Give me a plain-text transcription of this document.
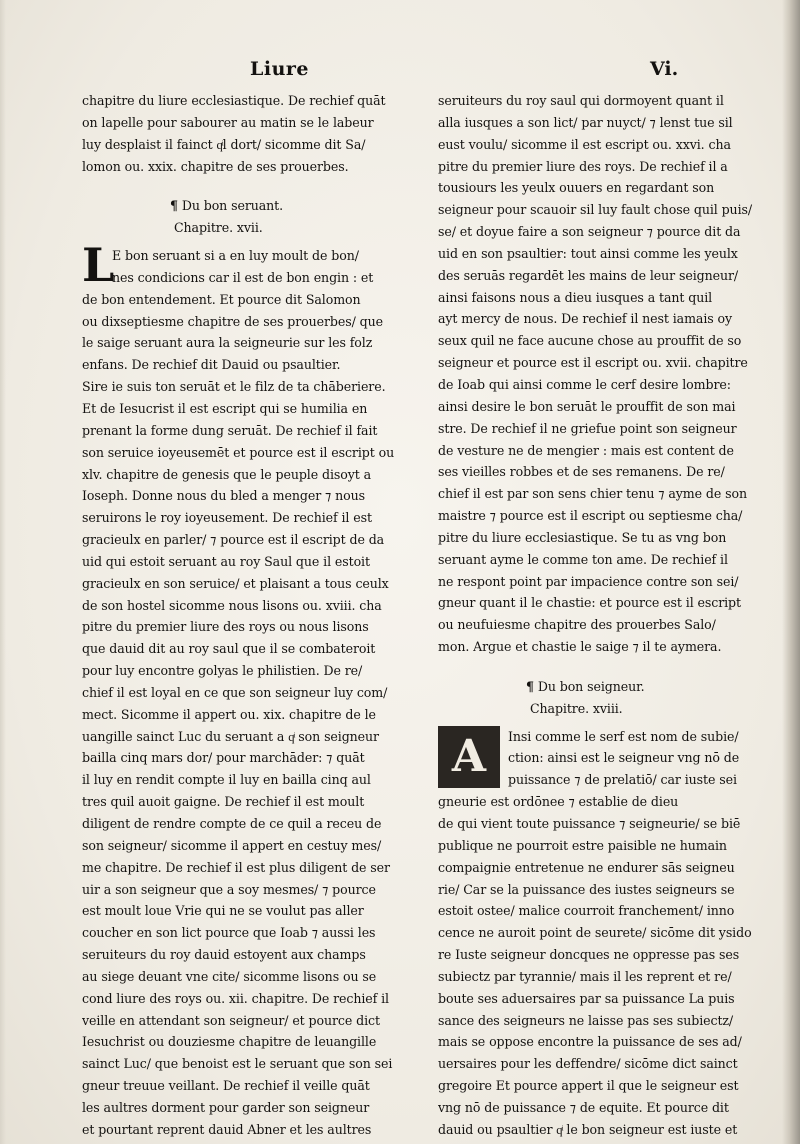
Liure	Vi.
chapitre du liure ecclesiastique. De rechief quāt
on lapelle pour sabourer au matin se le labeur
luy desplaist il fainct qͥl dort/ sicomme dit Sa/
lomon ou. xxix. chapitre de ses prouerbes.
¶ Du bon seruant.
Chapitre. xvii.
L
E bon seruant si a en luy moult de bon/
nes condicions car il est de bon engin : et
de bon entendement. Et pource dit Salomon
ou dixseptiesme chapitre de ses prouerbes/ que
le saige seruant aura la seigneurie sur les folz
enfans. De rechief dit Dauid ou psaultier.
Sire ie suis ton seruāt et le filz de ta chāberiere.
Et de Iesucrist il est escript qui se humilia en
prenant la forme dung seruāt. De rechief il fait
son seruice ioyeusemēt et pource est il escript ou
xlv. chapitre de genesis que le peuple disoyt a
Ioseph. Donne nous du bled a menger ⁊ nous
seruirons le roy ioyeusement. De rechief il est
gracieulx en parler/ ⁊ pource est il escript de da
uid qui estoit seruant au roy Saul que il estoit
gracieulx en son seruice/ et plaisant a tous ceulx
de son hostel sicomme nous lisons ou. xviii. cha
pitre du premier liure des roys ou nous lisons
que dauid dit au roy saul que il se combateroit
pour luy encontre golyas le philistien. De re/
chief il est loyal en ce que son seigneur luy com/
mect. Sicomme il appert ou. xix. chapitre de le
uangille sainct Luc du seruant a qͥ son seigneur
bailla cinq mars dor/ pour marchāder: ⁊ quāt
il luy en rendit compte il luy en bailla cinq aul
tres quil auoit gaigne. De rechief il est moult
diligent de rendre compte de ce quil a receu de
son seigneur/ sicomme il appert en cestuy mes/
me chapitre. De rechief il est plus diligent de ser
uir a son seigneur que a soy mesmes/ ⁊ pource
est moult loue Vrie qui ne se voulut pas aller
coucher en son lict pource que Ioab ⁊ aussi les
seruiteurs du roy dauid estoyent aux champs
au siege deuant vne cite/ sicomme lisons ou se
cond liure des roys ou. xii. chapitre. De rechief il
veille en attendant son seigneur/ et pource dict
Iesuchrist ou douziesme chapitre de leuangille
sainct Luc/ que benoist est le seruant que son sei
gneur treuue veillant. De rechief il veille quāt
les aultres dorment pour garder son seigneur
et pourtant reprent dauid Abner et les aultres
seruiteurs du roy saul qui dormoyent quant il
alla iusques a son lict/ par nuyct/ ⁊ lenst tue sil
eust voulu/ sicomme il est escript ou. xxvi. cha
pitre du premier liure des roys. De rechief il a
tousiours les yeulx ouuers en regardant son
seigneur pour scauoir sil luy fault chose quil puis/
se/ et doyue faire a son seigneur ⁊ pource dit da
uid en son psaultier: tout ainsi comme les yeulx
des seruās regardēt les mains de leur seigneur/
ainsi faisons nous a dieu iusques a tant quil
ayt mercy de nous. De rechief il nest iamais oy
seux quil ne face aucune chose au prouffit de so
seigneur et pource est il escript ou. xvii. chapitre
de Ioab qui ainsi comme le cerf desire lombre:
ainsi desire le bon seruāt le prouffit de son mai
stre. De rechief il ne griefue point son seigneur
de vesture ne de mengier : mais est content de
ses vieilles robbes et de ses remanens. De re/
chief il est par son sens chier tenu ⁊ ayme de son
maistre ⁊ pource est il escript ou septiesme cha/
pitre du liure ecclesiastique. Se tu as vng bon
seruant ayme le comme ton ame. De rechief il
ne respont point par impacience contre son sei/
gneur quant il le chastie: et pource est il escript
ou neufuiesme chapitre des prouerbes Salo/
mon. Argue et chastie le saige ⁊ il te aymera.
¶ Du bon seigneur.
Chapitre. xviii.
A	Insi comme le serf est nom de subie/
ction: ainsi est le seigneur vng nō de
puissance ⁊ de prelatiō/ car iuste sei
gneurie est ordōnee ⁊ establie de dieu
de qui vient toute puissance ⁊ seigneurie/ se biē
publique ne pourroit estre paisible ne humain
compaignie entretenue ne endurer sās seigneu
rie/ Car se la puissance des iustes seigneurs se
estoit ostee/ malice courroit franchement/ inno
cence ne auroit point de seurete/ sicōme dit ysido
re Iuste seigneur doncques ne oppresse pas ses
subiectz par tyrannie/ mais il les reprent et re/
boute ses aduersaires par sa puissance La puis
sance des seigneurs ne laisse pas ses subiectz/
mais se oppose encontre la puissance de ses ad/
uersaires pour les deffendre/ sicōme dict sainct
gregoire Et pource appert il que le seigneur est
vng nō de puissance ⁊ de equite. Et pource dit
dauid ou psaultier qͥ le bon seigneur est iuste et
